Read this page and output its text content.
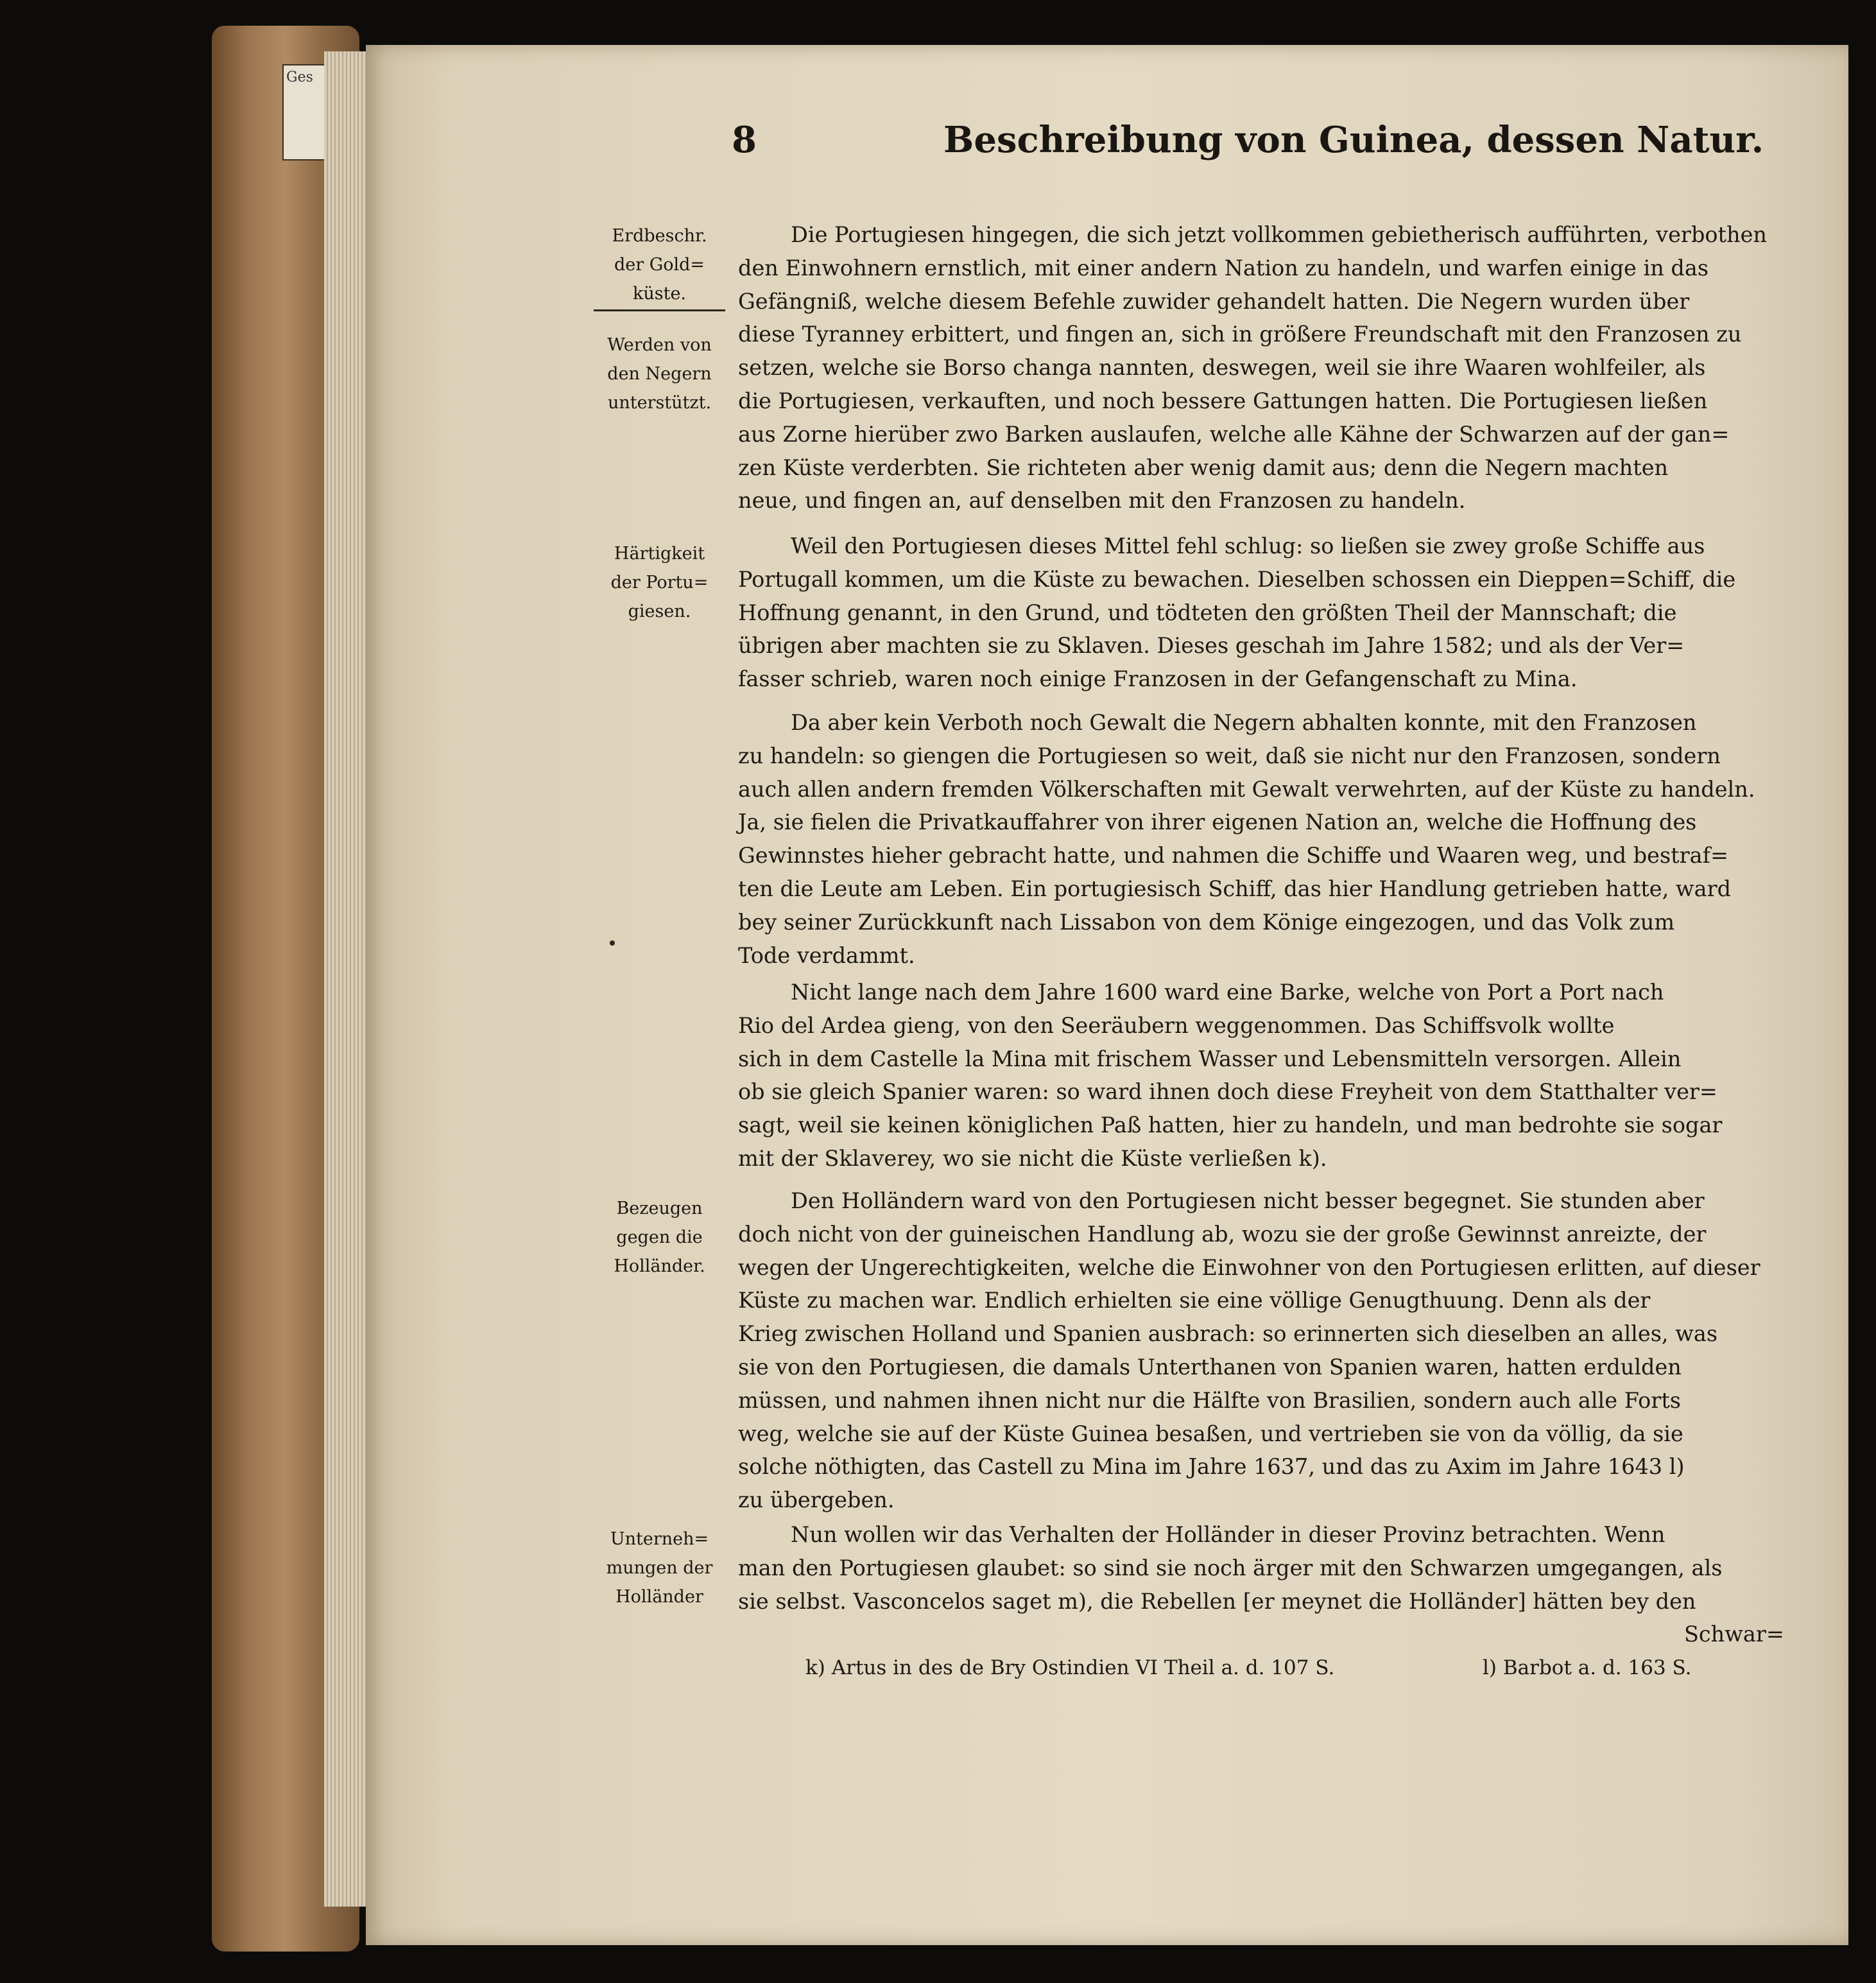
Ges
8	Beschreibung von Guinea, dessen Natur.
Erdbeschr.
der Gold=
küste.
Werden von
den Negern
unterstützt.
Härtigkeit
der Portu=
giesen.
Bezeugen
gegen die
Holländer.
Unterneh=
mungen der
Holländer
Die Portugiesen hingegen, die sich jetzt vollkommen gebietherisch aufführten, verbothen
den Einwohnern ernstlich, mit einer andern Nation zu handeln, und warfen einige in das
Gefängniß, welche diesem Befehle zuwider gehandelt hatten. Die Negern wurden über
diese Tyranney erbittert, und fingen an, sich in größere Freundschaft mit den Franzosen zu
setzen, welche sie Borso changa nannten, deswegen, weil sie ihre Waaren wohlfeiler, als
die Portugiesen, verkauften, und noch bessere Gattungen hatten. Die Portugiesen ließen
aus Zorne hierüber zwo Barken auslaufen, welche alle Kähne der Schwarzen auf der gan=
zen Küste verderbten. Sie richteten aber wenig damit aus; denn die Negern machten
neue, und fingen an, auf denselben mit den Franzosen zu handeln.
Weil den Portugiesen dieses Mittel fehl schlug: so ließen sie zwey große Schiffe aus
Portugall kommen, um die Küste zu bewachen. Dieselben schossen ein Dieppen=Schiff, die
Hoffnung genannt, in den Grund, und tödteten den größten Theil der Mannschaft; die
übrigen aber machten sie zu Sklaven. Dieses geschah im Jahre 1582; und als der Ver=
fasser schrieb, waren noch einige Franzosen in der Gefangenschaft zu Mina.
Da aber kein Verboth noch Gewalt die Negern abhalten konnte, mit den Franzosen
zu handeln: so giengen die Portugiesen so weit, daß sie nicht nur den Franzosen, sondern
auch allen andern fremden Völkerschaften mit Gewalt verwehrten, auf der Küste zu handeln.
Ja, sie fielen die Privatkauffahrer von ihrer eigenen Nation an, welche die Hoffnung des
Gewinnstes hieher gebracht hatte, und nahmen die Schiffe und Waaren weg, und bestraf=
ten die Leute am Leben. Ein portugiesisch Schiff, das hier Handlung getrieben hatte, ward
bey seiner Zurückkunft nach Lissabon von dem Könige eingezogen, und das Volk zum
Tode verdammt.
Nicht lange nach dem Jahre 1600 ward eine Barke, welche von Port a Port nach
Rio del Ardea gieng, von den Seeräubern weggenommen. Das Schiffsvolk wollte
sich in dem Castelle la Mina mit frischem Wasser und Lebensmitteln versorgen. Allein
ob sie gleich Spanier waren: so ward ihnen doch diese Freyheit von dem Statthalter ver=
sagt, weil sie keinen königlichen Paß hatten, hier zu handeln, und man bedrohte sie sogar
mit der Sklaverey, wo sie nicht die Küste verließen k).
Den Holländern ward von den Portugiesen nicht besser begegnet. Sie stunden aber
doch nicht von der guineischen Handlung ab, wozu sie der große Gewinnst anreizte, der
wegen der Ungerechtigkeiten, welche die Einwohner von den Portugiesen erlitten, auf dieser
Küste zu machen war. Endlich erhielten sie eine völlige Genugthuung. Denn als der
Krieg zwischen Holland und Spanien ausbrach: so erinnerten sich dieselben an alles, was
sie von den Portugiesen, die damals Unterthanen von Spanien waren, hatten erdulden
müssen, und nahmen ihnen nicht nur die Hälfte von Brasilien, sondern auch alle Forts
weg, welche sie auf der Küste Guinea besaßen, und vertrieben sie von da völlig, da sie
solche nöthigten, das Castell zu Mina im Jahre 1637, und das zu Axim im Jahre 1643 l)
zu übergeben.
Nun wollen wir das Verhalten der Holländer in dieser Provinz betrachten. Wenn
man den Portugiesen glaubet: so sind sie noch ärger mit den Schwarzen umgegangen, als
sie selbst. Vasconcelos saget m), die Rebellen [er meynet die Holländer] hätten bey den
Schwar=
k) Artus in des de Bry Ostindien VI Theil a. d. 107 S.	l) Barbot a. d. 163 S.
